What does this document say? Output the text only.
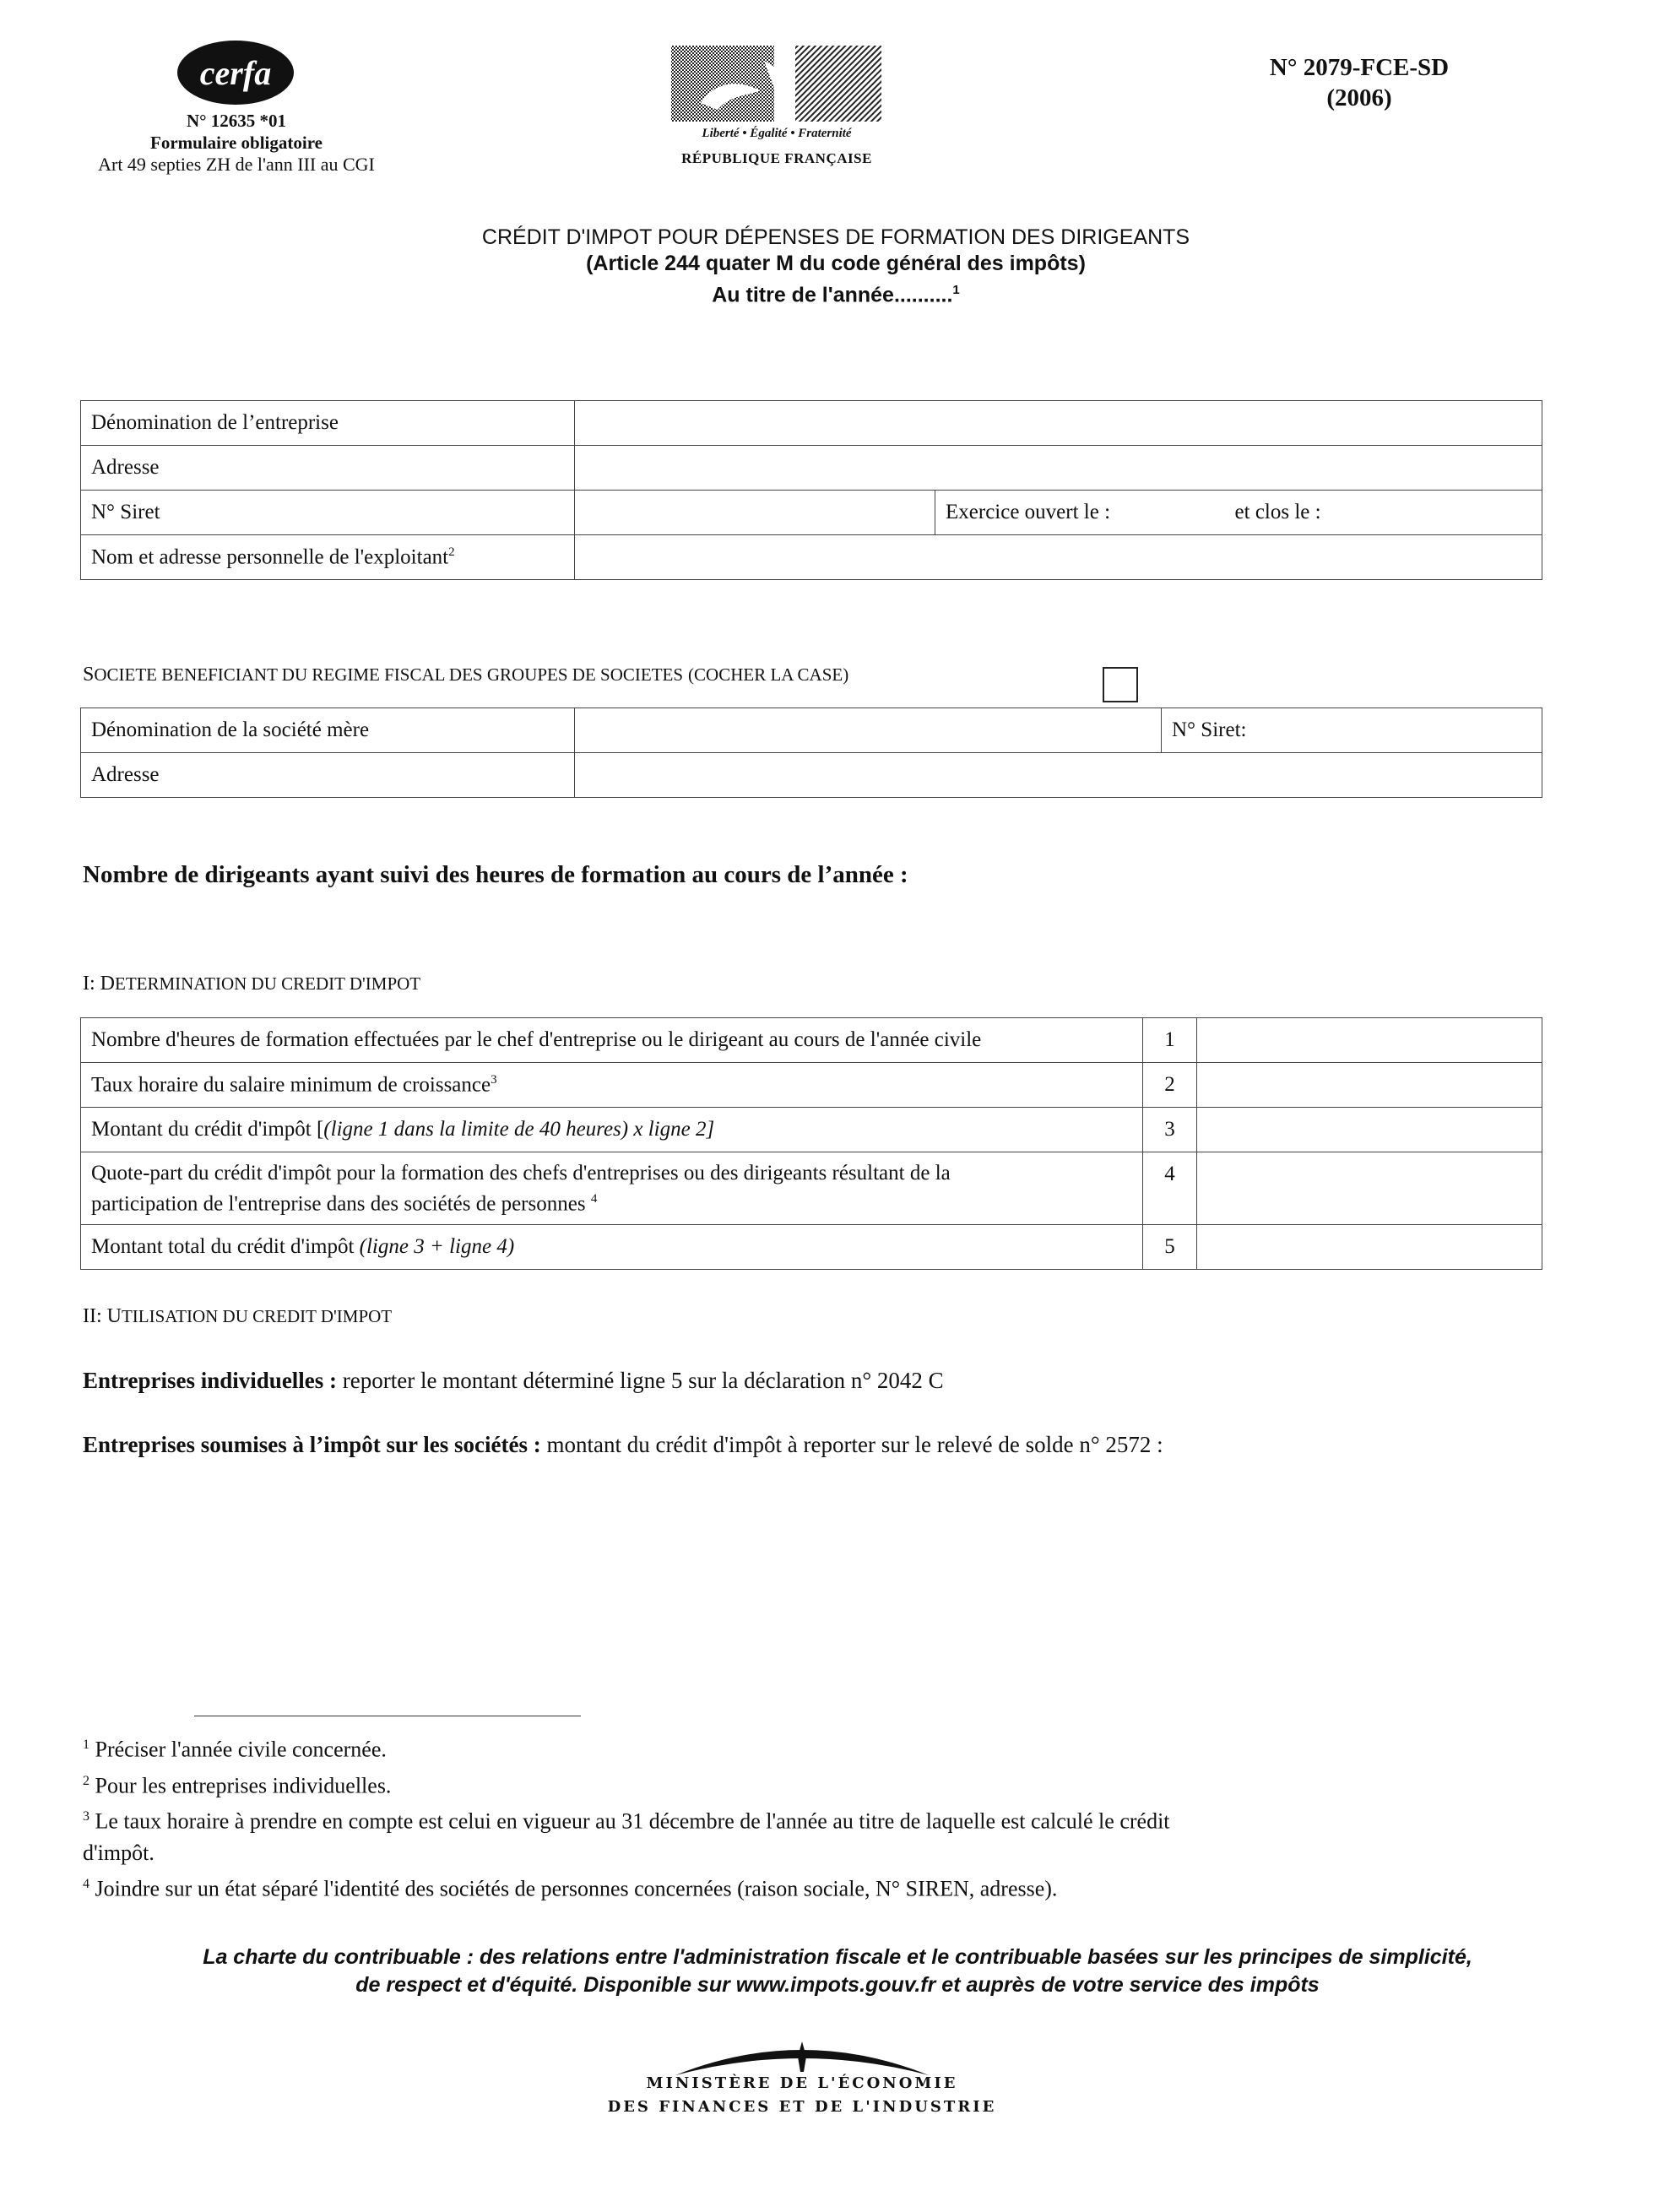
cerfa
N° 12635 *01
Formulaire obligatoire
Art 49 septies ZH de l'ann III au CGI
Liberté • Égalité • Fraternité
RÉPUBLIQUE FRANÇAISE
N° 2079-FCE-SD
(2006)
CRÉDIT D'IMPOT POUR DÉPENSES DE FORMATION DES DIRIGEANTS
(Article 244 quater M du code général des impôts)
Au titre de l'année..........$^1$
Dénomination de l’entreprise		
Adresse		
N° Siret		Exercice ouvert le : et clos le :
Nom et adresse personnelle de l'exploitant$^2$	
SOCIETE BENEFICIANT DU REGIME FISCAL DES GROUPES DE SOCIETES (COCHER LA CASE)
Dénomination de la société mère		N° Siret:
Adresse		
Nombre de dirigeants ayant suivi des heures de formation au cours de l’année :
I: DETERMINATION DU CREDIT D'IMPOT
Nombre d'heures de formation effectuées par le chef d'entreprise ou le dirigeant au cours de l'année civile	1	
Taux horaire du salaire minimum de croissance$^3$	2	
Montant du crédit d'impôt [(ligne 1 dans la limite de 40 heures) x ligne 2]	3	

Quote-part du crédit d'impôt pour la formation des chefs d'entreprises ou des dirigeants résultant de la
participation de l'entreprise dans des sociétés de personnes $^4$	4	
Montant total du crédit d'impôt (ligne 3 + ligne 4)	5	
II: UTILISATION DU CREDIT D'IMPOT
Entreprises individuelles : reporter le montant déterminé ligne 5 sur la déclaration n° 2042 C
Entreprises soumises à l’impôt sur les sociétés : montant du crédit d'impôt à reporter sur le relevé de solde n° 2572 :
$^1$ Préciser l'année civile concernée.
$^2$ Pour les entreprises individuelles.
$^3$ Le taux horaire à prendre en compte est celui en vigueur au 31 décembre de l'année au titre de laquelle est calculé le crédit
d'impôt.
$^4$ Joindre sur un état séparé l'identité des sociétés de personnes concernées (raison sociale, N° SIREN, adresse).
La charte du contribuable : des relations entre l'administration fiscale et le contribuable basées sur les principes de simplicité,
de respect et d'équité. Disponible sur www.impots.gouv.fr et auprès de votre service des impôts
MINISTÈRE DE L'ÉCONOMIE
DES FINANCES ET DE L'INDUSTRIE
